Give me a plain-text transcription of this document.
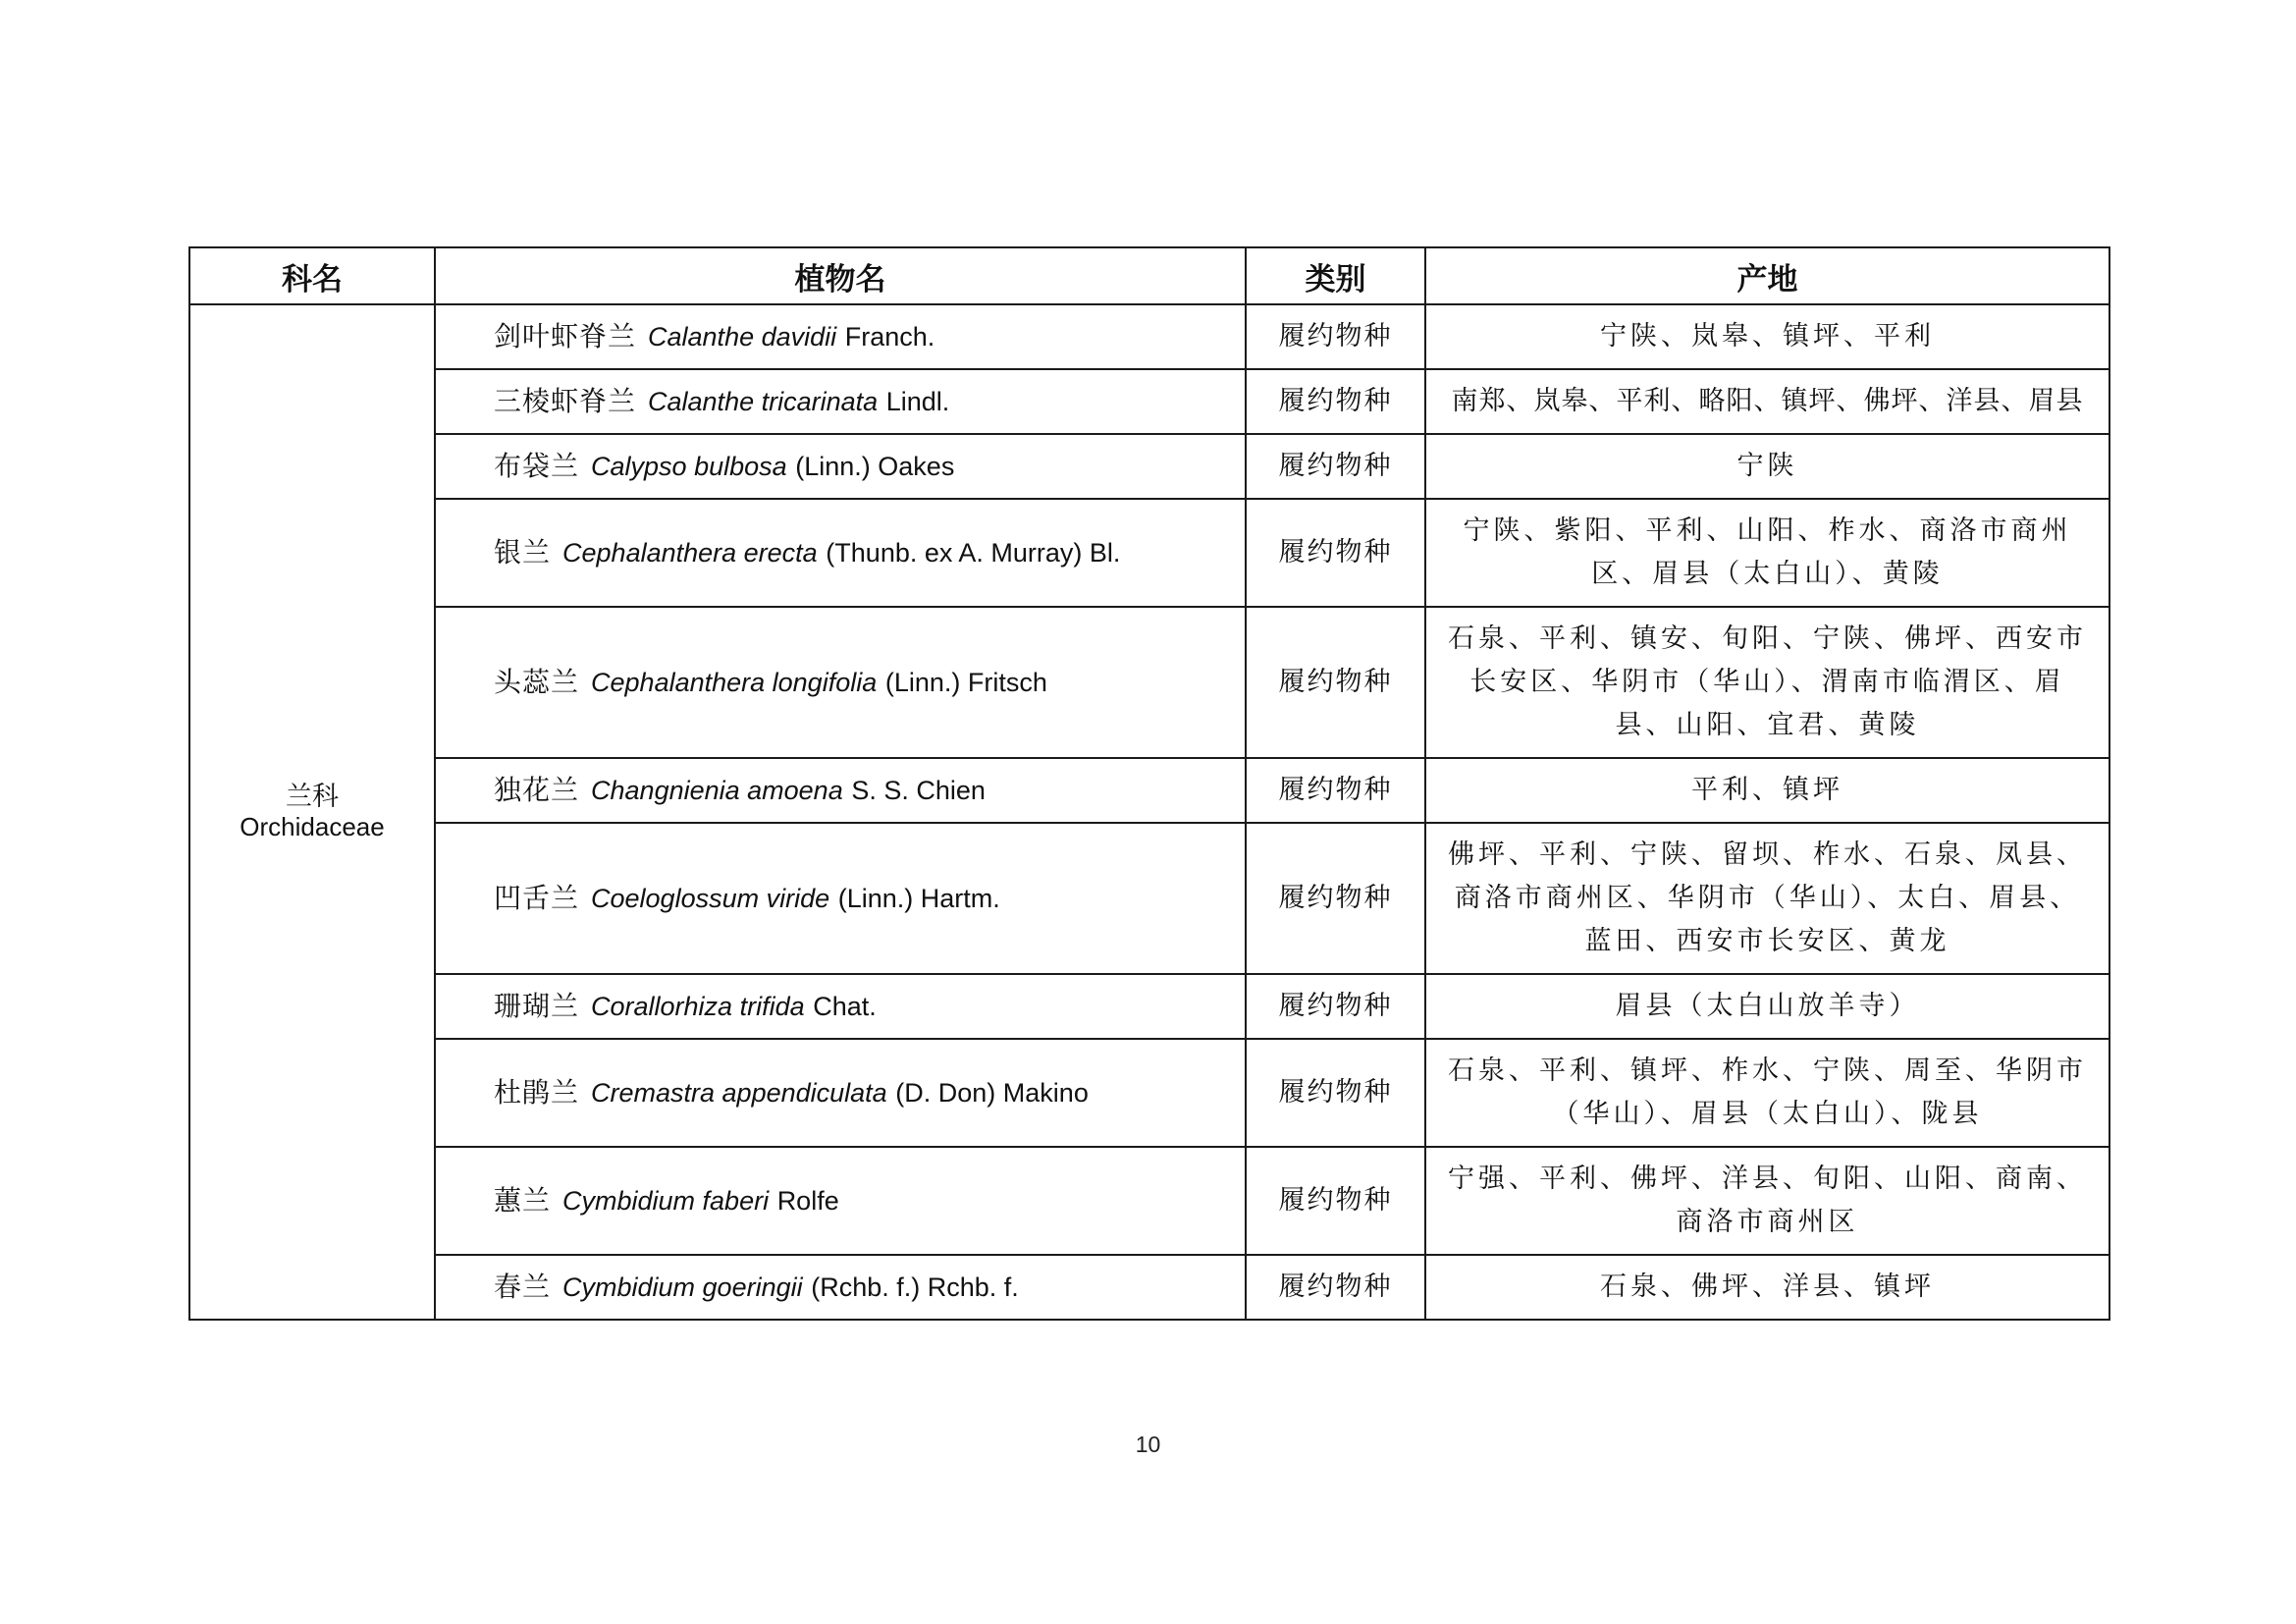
科名	植物名	类别	产地

兰科
Orchidaceae	剑叶虾脊兰 Calanthe davidii Franch.	履约物种	宁陕、岚皋、镇坪、平利
	三棱虾脊兰 Calanthe tricarinata Lindl.	履约物种	南郑、岚皋、平利、略阳、镇坪、佛坪、洋县、眉县
	布袋兰 Calypso bulbosa (Linn.) Oakes	履约物种	宁陕
	银兰 Cephalanthera erecta (Thunb. ex A. Murray) Bl.	履约物种	宁陕、紫阳、平利、山阳、柞水、商洛市商州区、眉县（太白山）、黄陵
	头蕊兰 Cephalanthera longifolia (Linn.) Fritsch	履约物种	石泉、平利、镇安、旬阳、宁陕、佛坪、西安市长安区、华阴市（华山）、渭南市临渭区、眉县、山阳、宜君、黄陵
	独花兰 Changnienia amoena S. S. Chien	履约物种	平利、镇坪
	凹舌兰 Coeloglossum viride (Linn.) Hartm.	履约物种	佛坪、平利、宁陕、留坝、柞水、石泉、凤县、商洛市商州区、华阴市（华山）、太白、眉县、蓝田、西安市长安区、黄龙
	珊瑚兰 Corallorhiza trifida Chat.	履约物种	眉县（太白山放羊寺）
	杜鹃兰 Cremastra appendiculata (D. Don) Makino	履约物种	石泉、平利、镇坪、柞水、宁陕、周至、华阴市（华山）、眉县（太白山）、陇县
	蕙兰 Cymbidium faberi Rolfe	履约物种	宁强、平利、佛坪、洋县、旬阳、山阳、商南、商洛市商州区
	春兰 Cymbidium goeringii (Rchb. f.) Rchb. f.	履约物种	石泉、佛坪、洋县、镇坪
10
